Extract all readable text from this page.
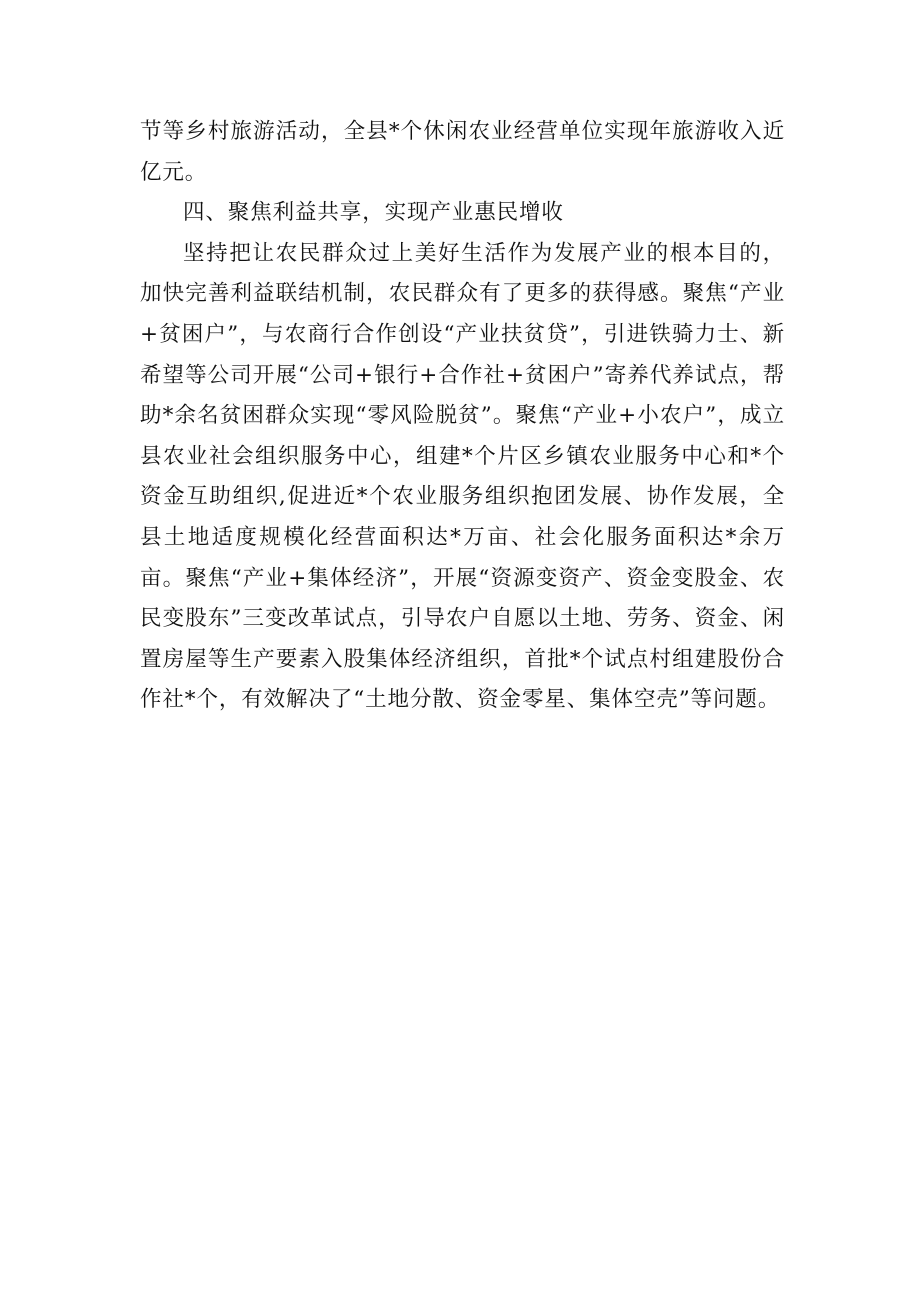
节等乡村旅游活动，全县*个休闲农业经营单位实现年旅游收入近亿元。

四、聚焦利益共享，实现产业惠民增收

坚持把让农民群众过上美好生活作为发展产业的根本目的，加快完善利益联结机制，农民群众有了更多的获得感。聚焦“产业+贫困户”，与农商行合作创设“产业扶贫贷”，引进铁骑力士、新希望等公司开展“公司+银行+合作社+贫困户”寄养代养试点，帮助*余名贫困群众实现“零风险脱贫”。聚焦“产业+小农户”，成立县农业社会组织服务中心，组建*个片区乡镇农业服务中心和*个资金互助组织,促进近*个农业服务组织抱团发展、协作发展，全县土地适度规模化经营面积达*万亩、社会化服务面积达*余万亩。聚焦“产业+集体经济”，开展“资源变资产、资金变股金、农民变股东”三变改革试点，引导农户自愿以土地、劳务、资金、闲置房屋等生产要素入股集体经济组织，首批*个试点村组建股份合作社*个，有效解决了“土地分散、资金零星、集体空壳”等问题。
